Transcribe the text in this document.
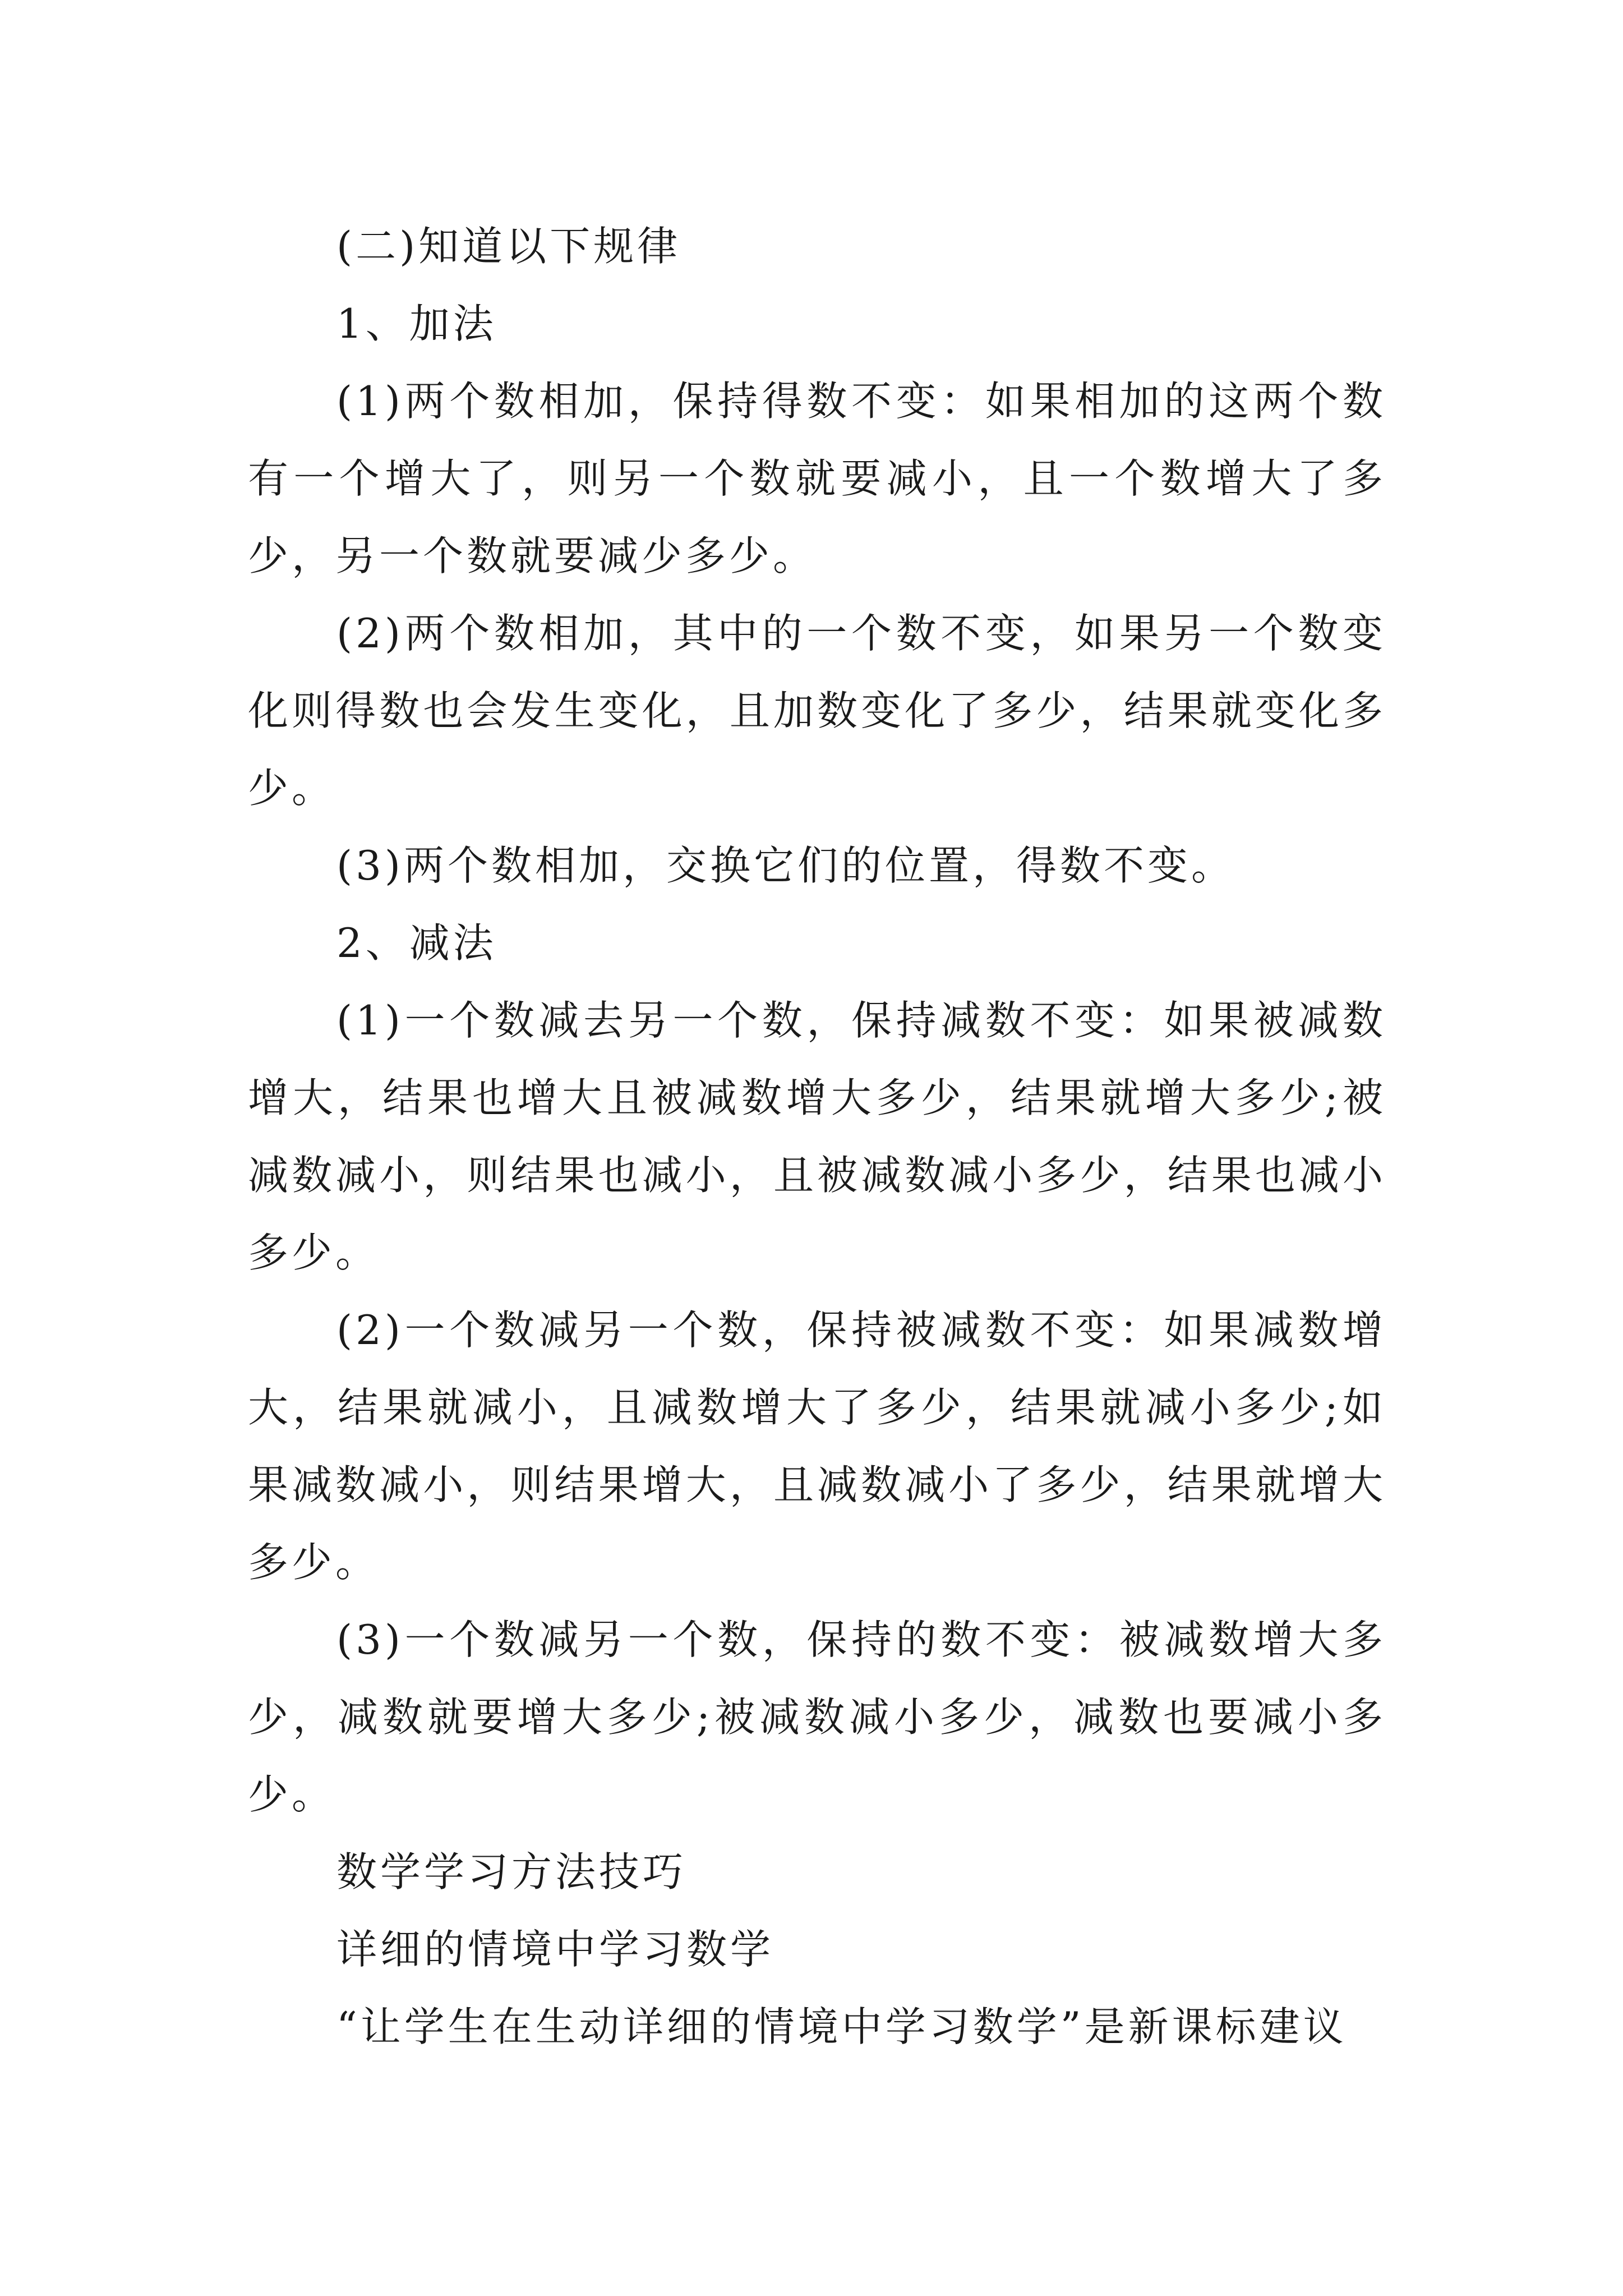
(二)知道以下规律

1、加法

(1)两个数相加，保持得数不变：如果相加的这两个数有一个增大了，则另一个数就要减小，且一个数增大了多少，另一个数就要减少多少。

(2)两个数相加，其中的一个数不变，如果另一个数变化则得数也会发生变化，且加数变化了多少，结果就变化多少。

(3)两个数相加，交换它们的位置，得数不变。

2、减法

(1)一个数减去另一个数，保持减数不变：如果被减数增大，结果也增大且被减数增大多少，结果就增大多少;被减数减小，则结果也减小，且被减数减小多少，结果也减小多少。

(2)一个数减另一个数，保持被减数不变：如果减数增大，结果就减小，且减数增大了多少，结果就减小多少;如果减数减小，则结果增大，且减数减小了多少，结果就增大多少。

(3)一个数减另一个数，保持的数不变：被减数增大多少，减数就要增大多少;被减数减小多少，减数也要减小多少。

数学学习方法技巧

详细的情境中学习数学

“让学生在生动详细的情境中学习数学”是新课标建议
